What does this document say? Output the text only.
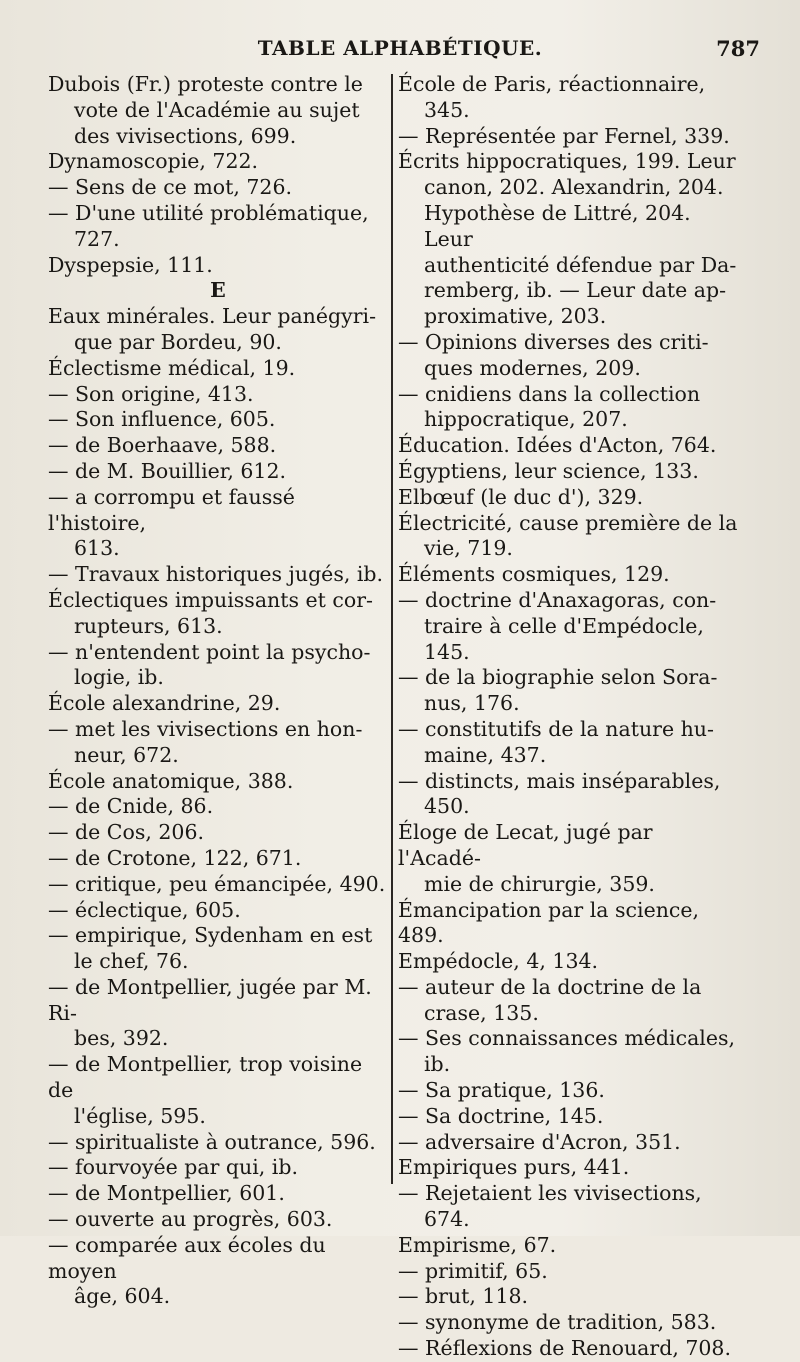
TABLE ALPHABÉTIQUE.	787
Dubois (Fr.) proteste contre le
vote de l'Académie au sujet
des vivisections, 699.
Dynamoscopie, 722.
— Sens de ce mot, 726.
— D'une utilité problématique,
727.
Dyspepsie, 111.
E
Eaux minérales. Leur panégyri-
que par Bordeu, 90.
Éclectisme médical, 19.
— Son origine, 413.
— Son influence, 605.
— de Boerhaave, 588.
— de M. Bouillier, 612.
— a corrompu et faussé l'histoire,
613.
— Travaux historiques jugés, ib.
Éclectiques impuissants et cor-
rupteurs, 613.
— n'entendent point la psycho-
logie, ib.
École alexandrine, 29.
— met les vivisections en hon-
neur, 672.
École anatomique, 388.
— de Cnide, 86.
— de Cos, 206.
— de Crotone, 122, 671.
— critique, peu émancipée, 490.
— éclectique, 605.
— empirique, Sydenham en est
le chef, 76.
— de Montpellier, jugée par M. Ri-
bes, 392.
— de Montpellier, trop voisine de
l'église, 595.
— spiritualiste à outrance, 596.
— fourvoyée par qui, ib.
— de Montpellier, 601.
— ouverte au progrès, 603.
— comparée aux écoles du moyen
âge, 604.
École de Paris, réactionnaire,
345.
— Représentée par Fernel, 339.
Écrits hippocratiques, 199. Leur
canon, 202. Alexandrin, 204.
Hypothèse de Littré, 204. Leur
authenticité défendue par Da-
remberg, ib. — Leur date ap-
proximative, 203.
— Opinions diverses des criti-
ques modernes, 209.
— cnidiens dans la collection
hippocratique, 207.
Éducation. Idées d'Acton, 764.
Égyptiens, leur science, 133.
Elbœuf (le duc d'), 329.
Électricité, cause première de la
vie, 719.
Éléments cosmiques, 129.
— doctrine d'Anaxagoras, con-
traire à celle d'Empédocle, 145.
— de la biographie selon Sora-
nus, 176.
— constitutifs de la nature hu-
maine, 437.
— distincts, mais inséparables,
450.
Éloge de Lecat, jugé par l'Acadé-
mie de chirurgie, 359.
Émancipation par la science, 489.
Empédocle, 4, 134.
— auteur de la doctrine de la
crase, 135.
— Ses connaissances médicales,
ib.
— Sa pratique, 136.
— Sa doctrine, 145.
— adversaire d'Acron, 351.
Empiriques purs, 441.
— Rejetaient les vivisections,
674.
Empirisme, 67.
— primitif, 65.
— brut, 118.
— synonyme de tradition, 583.
— Réflexions de Renouard, 708.
